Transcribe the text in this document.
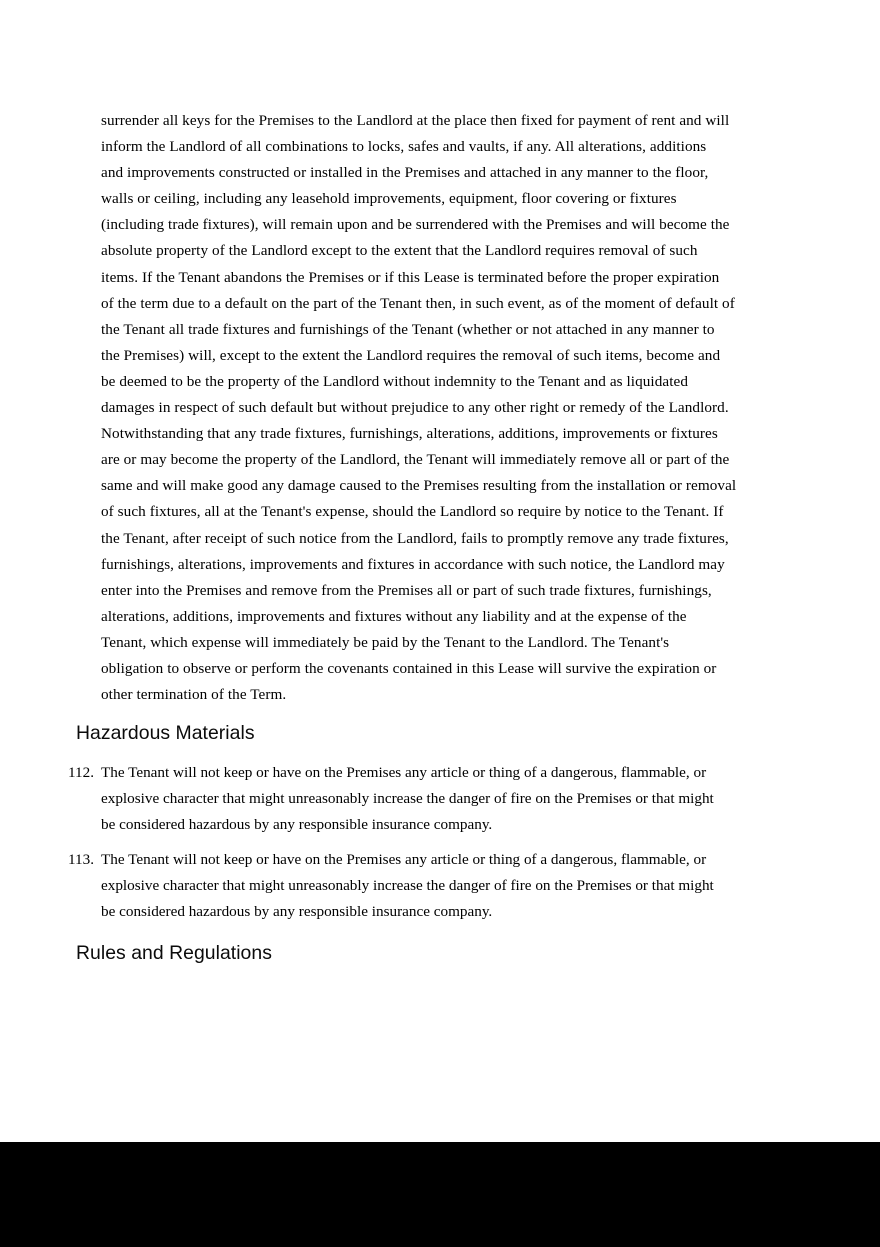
surrender all keys for the Premises to the Landlord at the place then fixed for payment of rent and will
inform the Landlord of all combinations to locks, safes and vaults, if any. All alterations, additions
and improvements constructed or installed in the Premises and attached in any manner to the floor,
walls or ceiling, including any leasehold improvements, equipment, floor covering or fixtures
(including trade fixtures), will remain upon and be surrendered with the Premises and will become the
absolute property of the Landlord except to the extent that the Landlord requires removal of such
items. If the Tenant abandons the Premises or if this Lease is terminated before the proper expiration
of the term due to a default on the part of the Tenant then, in such event, as of the moment of default of
the Tenant all trade fixtures and furnishings of the Tenant (whether or not attached in any manner to
the Premises) will, except to the extent the Landlord requires the removal of such items, become and
be deemed to be the property of the Landlord without indemnity to the Tenant and as liquidated
damages in respect of such default but without prejudice to any other right or remedy of the Landlord.
Notwithstanding that any trade fixtures, furnishings, alterations, additions, improvements or fixtures
are or may become the property of the Landlord, the Tenant will immediately remove all or part of the
same and will make good any damage caused to the Premises resulting from the installation or removal
of such fixtures, all at the Tenant's expense, should the Landlord so require by notice to the Tenant. If
the Tenant, after receipt of such notice from the Landlord, fails to promptly remove any trade fixtures,
furnishings, alterations, improvements and fixtures in accordance with such notice, the Landlord may
enter into the Premises and remove from the Premises all or part of such trade fixtures, furnishings,
alterations, additions, improvements and fixtures without any liability and at the expense of the
Tenant, which expense will immediately be paid by the Tenant to the Landlord. The Tenant's
obligation to observe or perform the covenants contained in this Lease will survive the expiration or
other termination of the Term.
Hazardous Materials
112. The Tenant will not keep or have on the Premises any article or thing of a dangerous, flammable, or
explosive character that might unreasonably increase the danger of fire on the Premises or that might
be considered hazardous by any responsible insurance company.
113. The Tenant will not keep or have on the Premises any article or thing of a dangerous, flammable, or
explosive character that might unreasonably increase the danger of fire on the Premises or that might
be considered hazardous by any responsible insurance company.
Rules and Regulations
